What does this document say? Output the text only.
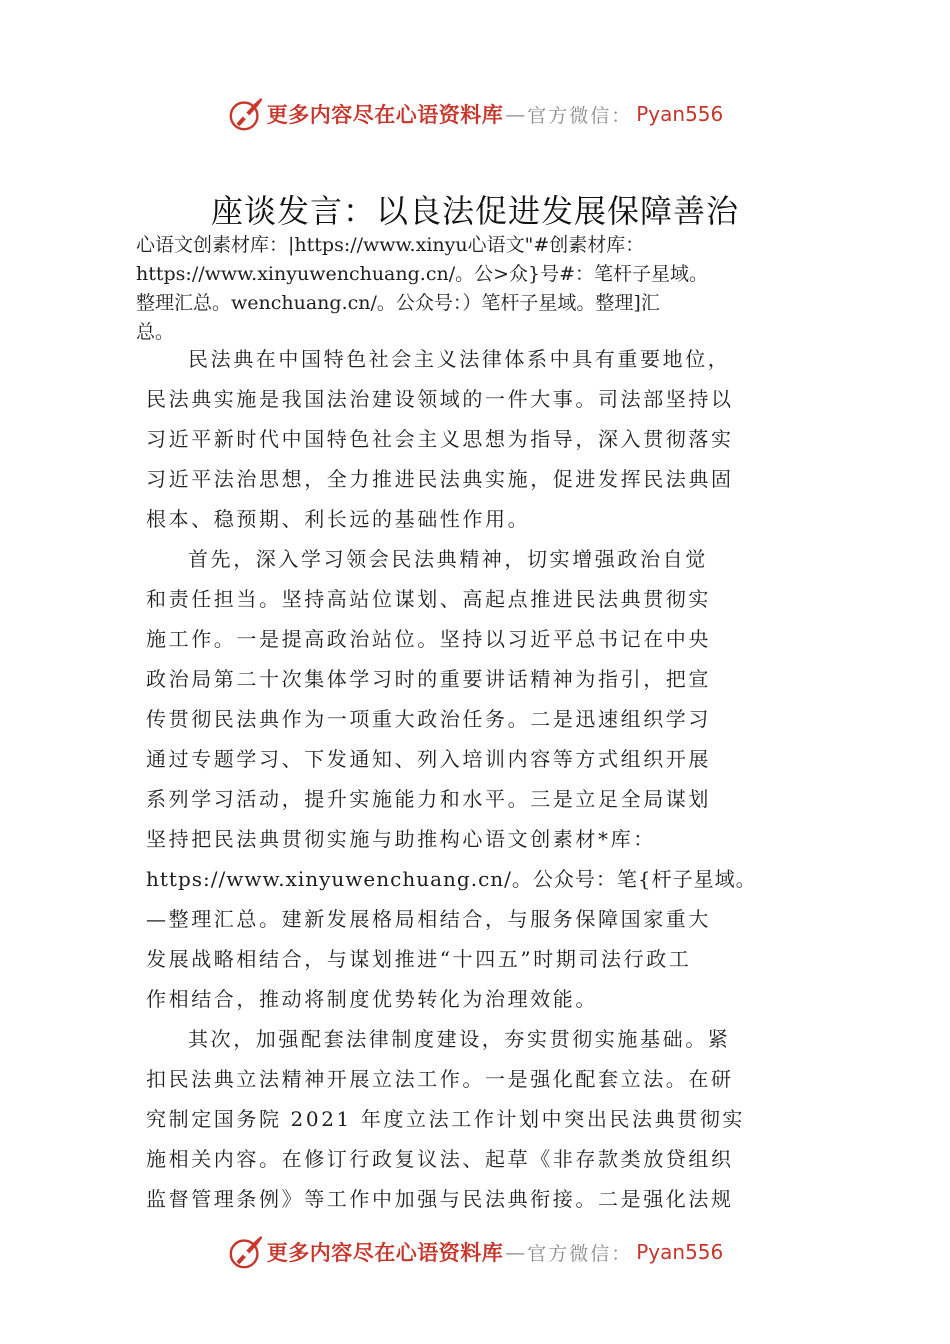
更多内容尽在心语资料库 — 官方微信： Pyan556
座谈发言：以良法促进发展保障善治
心语文创素材库：|https://www.xinyu心语文"#创素材库：
https://www.xinyuwenchuang.cn/。公>众}号#：笔杆子星域。
整理汇总。wenchuang.cn/。公众号：）笔杆子星域。整理]汇
总。
民法典在中国特色社会主义法律体系中具有重要地位，
民法典实施是我国法治建设领域的一件大事。司法部坚持以
习近平新时代中国特色社会主义思想为指导，深入贯彻落实
习近平法治思想，全力推进民法典实施，促进发挥民法典固
根本、稳预期、利长远的基础性作用。
首先，深入学习领会民法典精神，切实增强政治自觉
和责任担当。坚持高站位谋划、高起点推进民法典贯彻实
施工作。一是提高政治站位。坚持以习近平总书记在中央
政治局第二十次集体学习时的重要讲话精神为指引，把宣
传贯彻民法典作为一项重大政治任务。二是迅速组织学习
通过专题学习、下发通知、列入培训内容等方式组织开展
系列学习活动，提升实施能力和水平。三是立足全局谋划
坚持把民法典贯彻实施与助推构心语文创素材*库：
https://www.xinyuwenchuang.cn/。公众号：笔{杆子星域。
—整理汇总。建新发展格局相结合，与服务保障国家重大
发展战略相结合，与谋划推进“十四五”时期司法行政工
作相结合，推动将制度优势转化为治理效能。
其次，加强配套法律制度建设，夯实贯彻实施基础。紧
扣民法典立法精神开展立法工作。一是强化配套立法。在研
究制定国务院 2021 年度立法工作计划中突出民法典贯彻实
施相关内容。在修订行政复议法、起草《非存款类放贷组织
监督管理条例》等工作中加强与民法典衔接。二是强化法规
更多内容尽在心语资料库 — 官方微信： Pyan556
